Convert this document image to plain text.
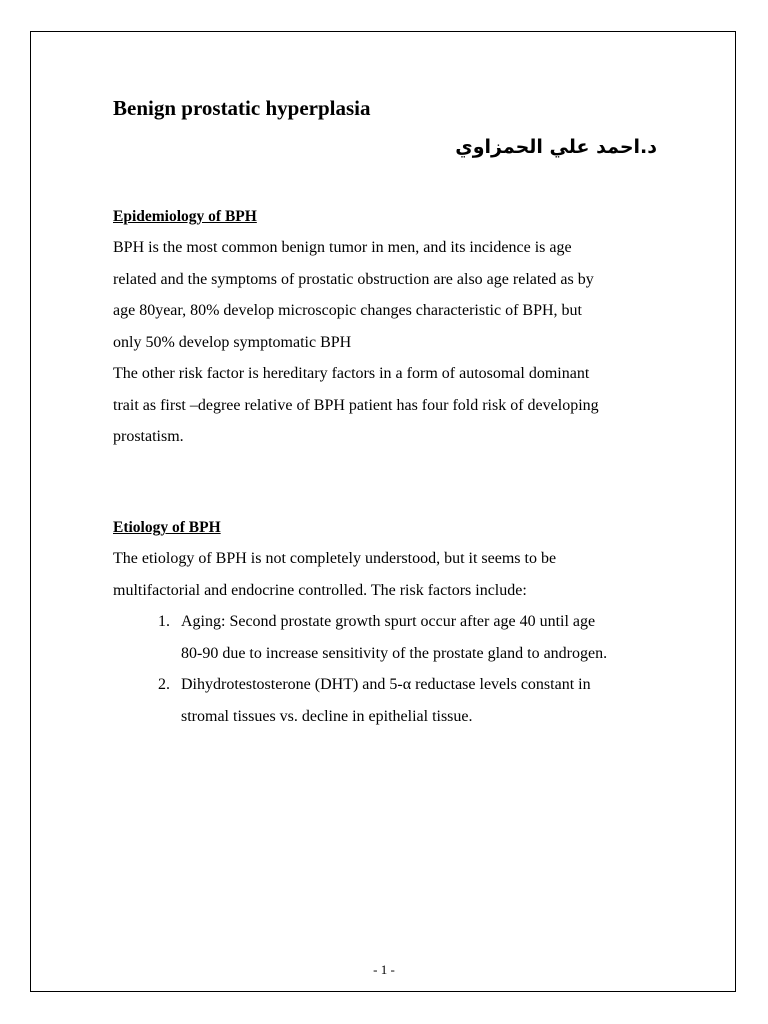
Benign prostatic hyperplasia

د.احمد علي الحمزاوي

Epidemiology of BPH

BPH is the most common benign tumor in men, and its incidence is age
related and the symptoms of prostatic obstruction are also age related as by
age 80year, 80% develop microscopic changes characteristic of BPH, but
only 50% develop symptomatic BPH

The other risk factor is hereditary factors in a form of autosomal dominant
trait as first –degree relative of BPH patient has four fold risk of developing
prostatism.

Etiology of BPH

The etiology of BPH is not completely understood, but it seems to be
multifactorial and endocrine controlled. The risk factors include:

1. Aging: Second prostate growth spurt occur after age 40 until age
80-90 due to increase sensitivity of the prostate gland to androgen.
2. Dihydrotestosterone (DHT) and 5-α reductase levels constant in
stromal tissues vs. decline in epithelial tissue.
- 1 -
